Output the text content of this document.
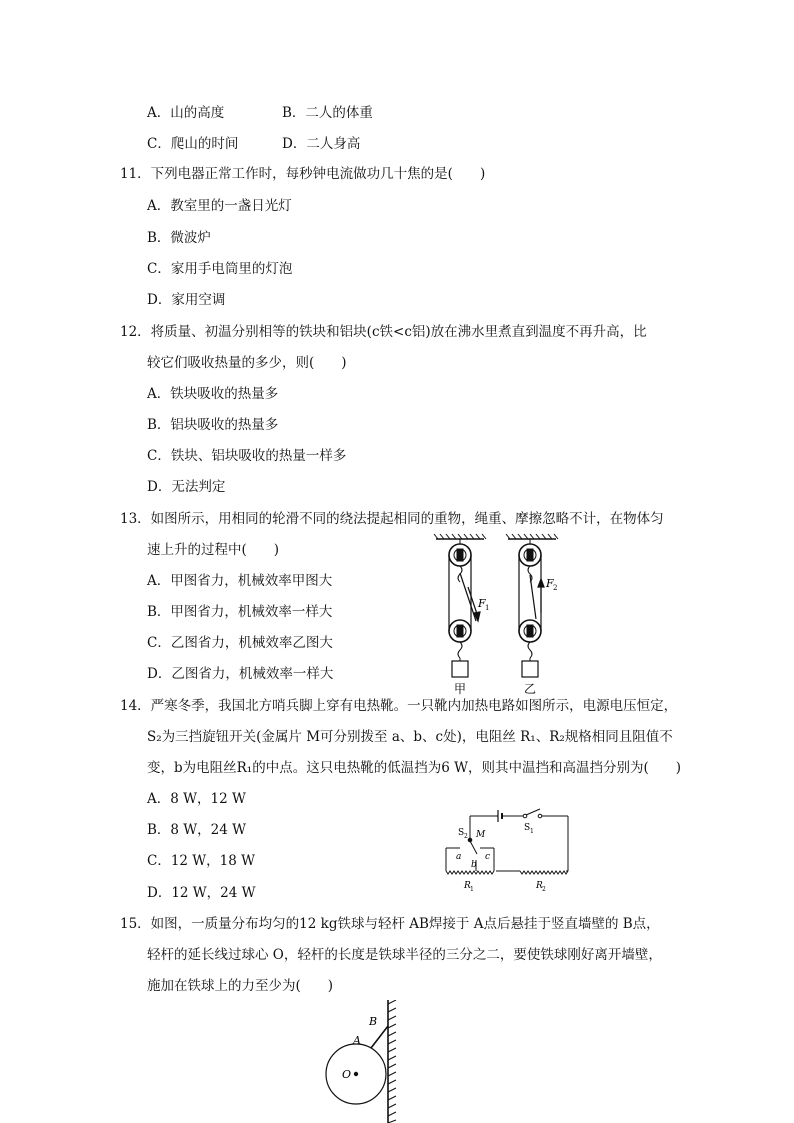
A．山的高度	B．二人的体重
C．爬山的时间	D．二人身高
11．下列电器正常工作时，每秒钟电流做功几十焦的是(　　)
A．教室里的一盏日光灯
B．微波炉
C．家用手电筒里的灯泡
D．家用空调
12．将质量、初温分别相等的铁块和铝块(c铁<c铝)放在沸水里煮直到温度不再升高，比
较它们吸收热量的多少，则(　　)
A．铁块吸收的热量多
B．铝块吸收的热量多
C．铁块、铝块吸收的热量一样多
D．无法判定
13．如图所示，用相同的轮滑不同的绕法提起相同的重物，绳重、摩擦忽略不计，在物体匀
速上升的过程中(　　)
A．甲图省力，机械效率甲图大
B．甲图省力，机械效率一样大
C．乙图省力，机械效率乙图大
D．乙图省力，机械效率一样大
F 1
甲
F 2
乙
14．严寒冬季，我国北方哨兵脚上穿有电热靴。一只靴内加热电路如图所示，电源电压恒定，
S₂为三挡旋钮开关(金属片 M可分别拨至 a、b、c处)，电阻丝 R₁、R₂规格相同且阻值不
变，b为电阻丝R₁的中点。这只电热靴的低温挡为6 W，则其中温挡和高温挡分别为(　　)
A．8 W，12 W
B．8 W，24 W
C．12 W，18 W
D．12 W，24 W
S 2 M
S 1
a
b
c
R 1	R 2
15．如图，一质量分布均匀的12 kg铁球与轻杆 AB焊接于 A点后悬挂于竖直墙壁的 B点，
轻杆的延长线过球心 O，轻杆的长度是铁球半径的三分之二，要使铁球刚好离开墙壁，
施加在铁球上的力至少为(　　)
O
A
B
